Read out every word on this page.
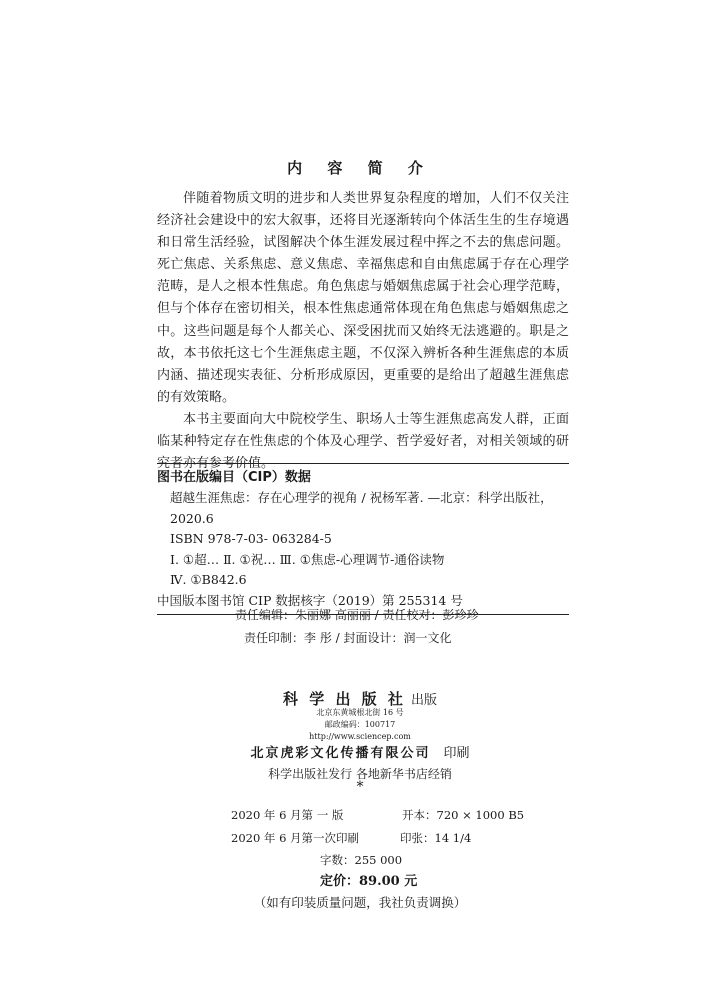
内 容 简 介

伴随着物质文明的进步和人类世界复杂程度的增加，人们不仅关注经济社会建设中的宏大叙事，还将目光逐渐转向个体活生生的生存境遇和日常生活经验，试图解决个体生涯发展过程中挥之不去的焦虑问题。死亡焦虑、关系焦虑、意义焦虑、幸福焦虑和自由焦虑属于存在心理学范畴，是人之根本性焦虑。角色焦虑与婚姻焦虑属于社会心理学范畴，但与个体存在密切相关，根本性焦虑通常体现在角色焦虑与婚姻焦虑之中。这些问题是每个人都关心、深受困扰而又始终无法逃避的。职是之故，本书依托这七个生涯焦虑主题，不仅深入辨析各种生涯焦虑的本质内涵、描述现实表征、分析形成原因，更重要的是给出了超越生涯焦虑的有效策略。

本书主要面向大中院校学生、职场人士等生涯焦虑高发人群，正面临某种特定存在性焦虑的个体及心理学、哲学爱好者，对相关领域的研究者亦有参考价值。

图书在版编目（CIP）数据
超越生涯焦虑：存在心理学的视角 / 祝杨军著. —北京：科学出版社，
2020.6
ISBN 978-7-03- 063284-5
Ⅰ. ①超… Ⅱ. ①祝… Ⅲ. ①焦虑-心理调节-通俗读物
Ⅳ. ①B842.6
中国版本图书馆 CIP 数据核字（2019）第 255314 号
责任编辑：朱丽娜 高丽丽 / 责任校对：彭珍珍
责任印制：李 彤 / 封面设计：润一文化
科 学 出 版 社 出版
北京东黄城根北街 16 号
邮政编码：100717
http://www.sciencep.com
北京虎彩文化传播有限公司 印刷
科学出版社发行 各地新华书店经销
*
2020 年 6 月第 一 版	开本：720 × 1000 B5
2020 年 6 月第一次印刷	印张：14 1/4
字数：255 000
定价：89.00 元
（如有印装质量问题，我社负责调换）
